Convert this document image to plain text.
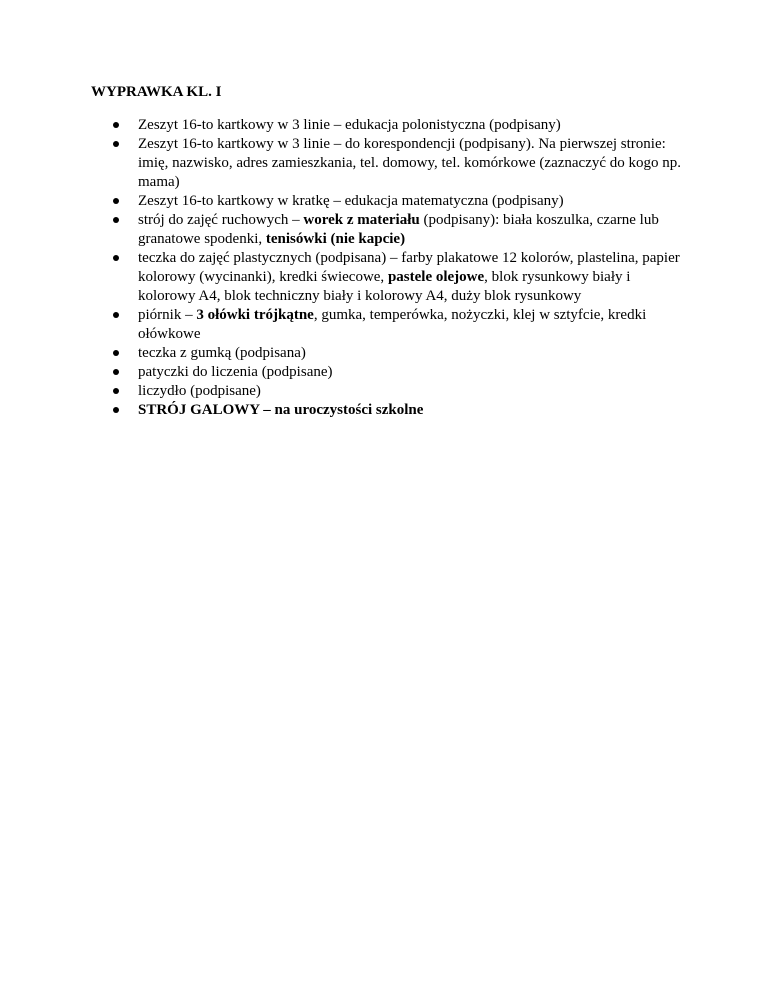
WYPRAWKA KL. I
Zeszyt 16-to kartkowy w 3 linie – edukacja polonistyczna (podpisany)
Zeszyt 16-to kartkowy w 3 linie – do korespondencji (podpisany). Na pierwszej stronie: imię, nazwisko, adres zamieszkania, tel. domowy, tel. komórkowe (zaznaczyć do kogo np. mama)
Zeszyt 16-to kartkowy w kratkę – edukacja matematyczna (podpisany)
strój do zajęć ruchowych – worek z materiału (podpisany): biała koszulka, czarne lub granatowe spodenki, tenisówki (nie kapcie)
teczka do zajęć plastycznych (podpisana) – farby plakatowe 12 kolorów, plastelina, papier kolorowy (wycinanki), kredki świecowe, pastele olejowe, blok rysunkowy biały i kolorowy A4, blok techniczny biały i kolorowy A4, duży blok rysunkowy
piórnik – 3 ołówki trójkątne, gumka, temperówka, nożyczki, klej w sztyfcie, kredki ołówkowe
teczka z gumką (podpisana)
patyczki do liczenia (podpisane)
liczydło (podpisane)
STRÓJ GALOWY – na uroczystości szkolne
